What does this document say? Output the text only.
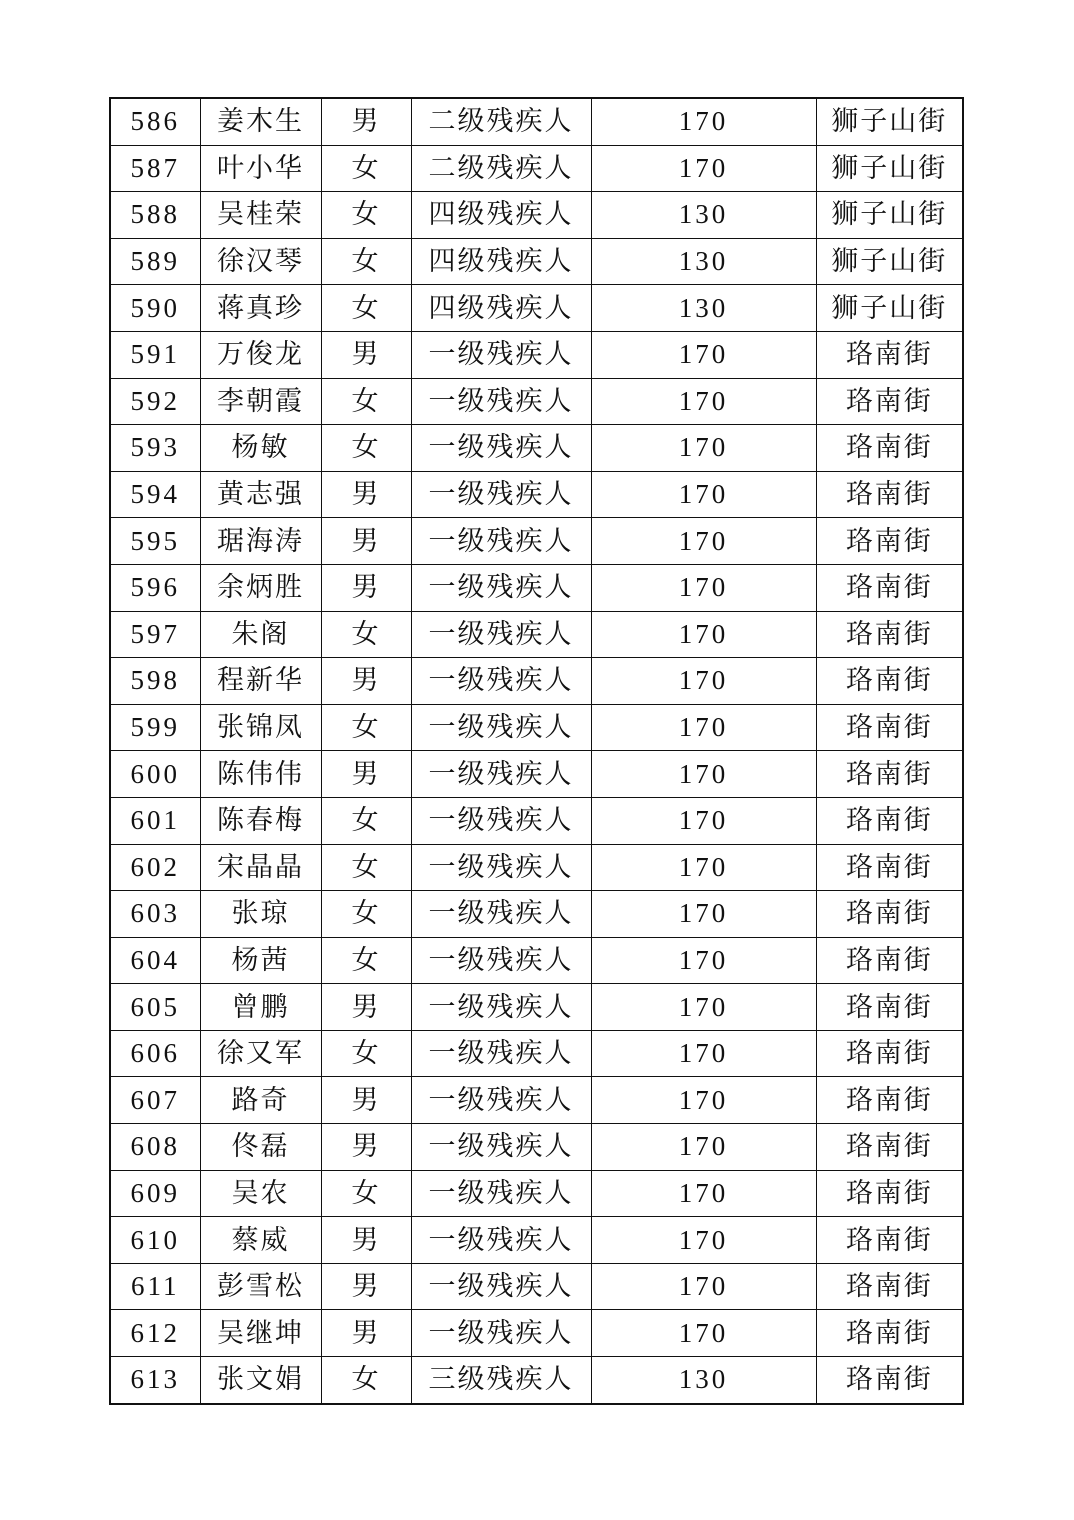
586	姜木生	男	二级残疾人	170	狮子山街
587	叶小华	女	二级残疾人	170	狮子山街
588	吴桂荣	女	四级残疾人	130	狮子山街
589	徐汉琴	女	四级残疾人	130	狮子山街
590	蒋真珍	女	四级残疾人	130	狮子山街
591	万俊龙	男	一级残疾人	170	珞南街
592	李朝霞	女	一级残疾人	170	珞南街
593	杨敏	女	一级残疾人	170	珞南街
594	黄志强	男	一级残疾人	170	珞南街
595	琚海涛	男	一级残疾人	170	珞南街
596	余炳胜	男	一级残疾人	170	珞南街
597	朱阁	女	一级残疾人	170	珞南街
598	程新华	男	一级残疾人	170	珞南街
599	张锦凤	女	一级残疾人	170	珞南街
600	陈伟伟	男	一级残疾人	170	珞南街
601	陈春梅	女	一级残疾人	170	珞南街
602	宋晶晶	女	一级残疾人	170	珞南街
603	张琼	女	一级残疾人	170	珞南街
604	杨茜	女	一级残疾人	170	珞南街
605	曾鹏	男	一级残疾人	170	珞南街
606	徐又军	女	一级残疾人	170	珞南街
607	路奇	男	一级残疾人	170	珞南街
608	佟磊	男	一级残疾人	170	珞南街
609	吴农	女	一级残疾人	170	珞南街
610	蔡威	男	一级残疾人	170	珞南街
611	彭雪松	男	一级残疾人	170	珞南街
612	吴继坤	男	一级残疾人	170	珞南街
613	张文娟	女	三级残疾人	130	珞南街
